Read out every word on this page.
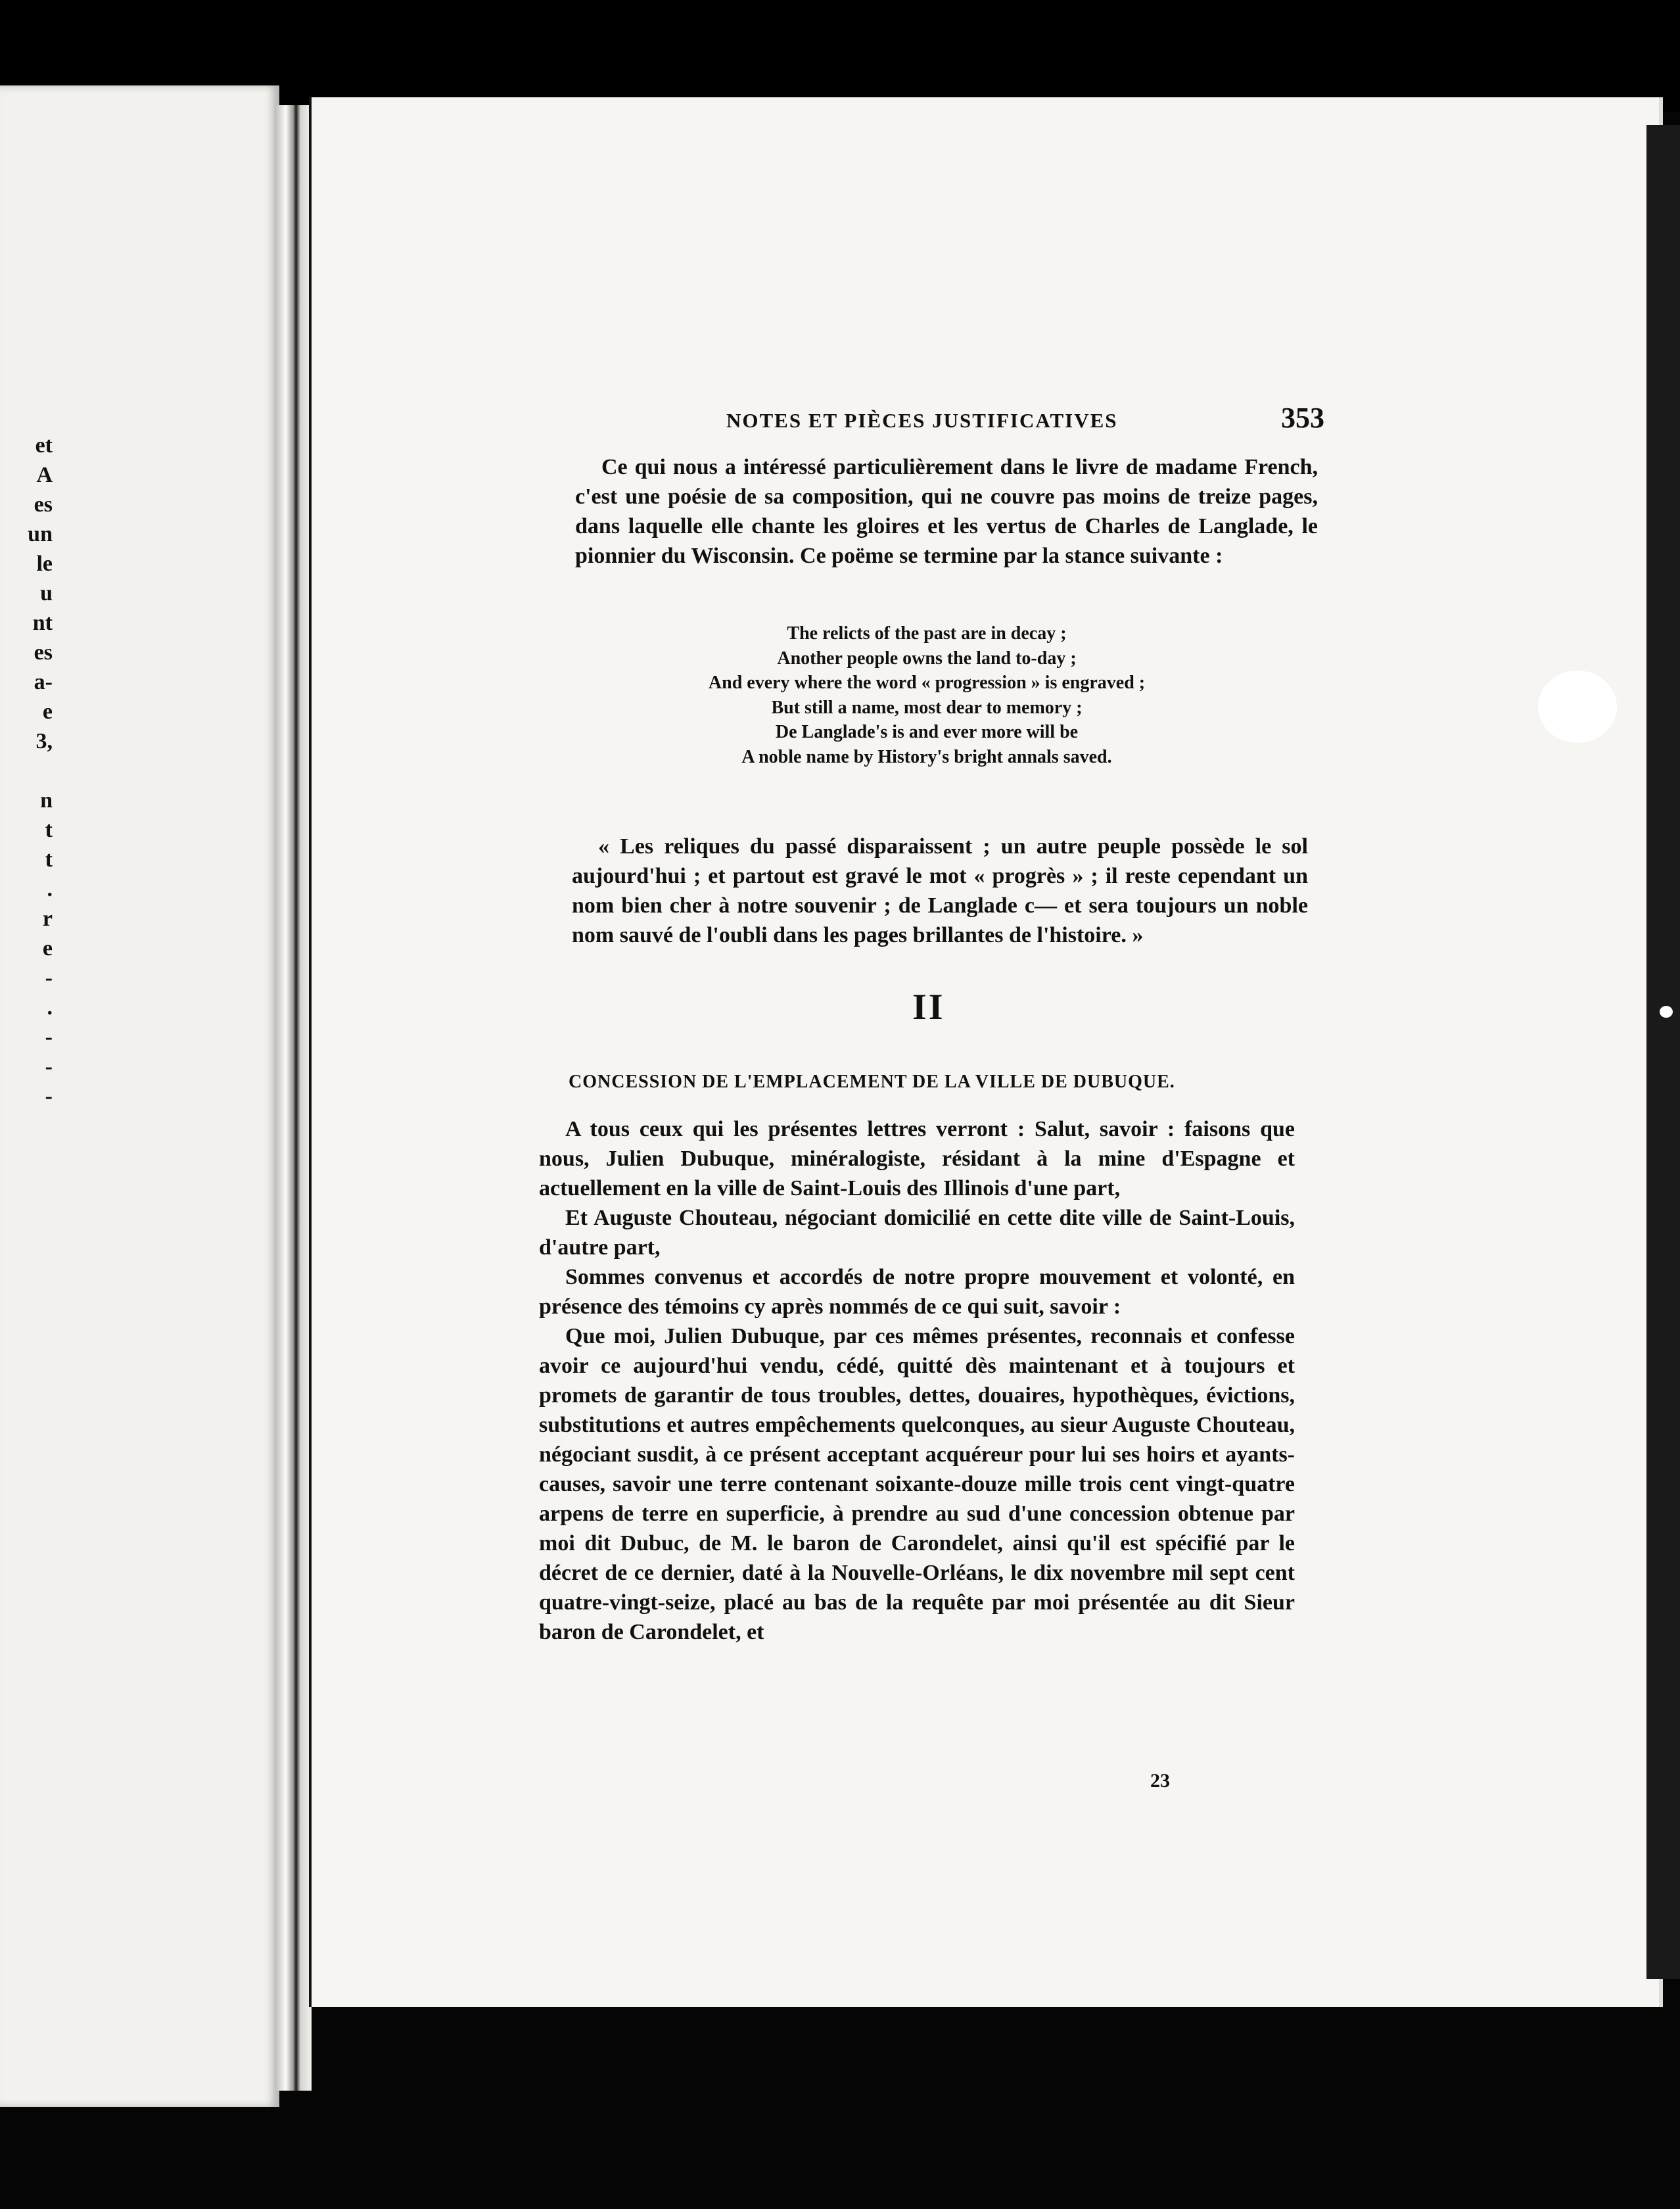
et
A
es
un
le
u
nt
es
a-
e
3,
n
t
t
.
r
e
-
.
-
-
-
NOTES ET PIÈCES JUSTIFICATIVES	353

Ce qui nous a intéressé particulièrement dans le livre de madame French, c'est une poésie de sa composition, qui ne couvre pas moins de treize pages, dans laquelle elle chante les gloires et les vertus de Charles de Langlade, le pionnier du Wisconsin. Ce poëme se termine par la stance suivante :

The relicts of the past are in decay ;
Another people owns the land to-day ;
And every where the word « progression » is engraved ;
But still a name, most dear to memory ;
De Langlade's is and ever more will be
A noble name by History's bright annals saved.

« Les reliques du passé disparaissent ; un autre peuple possède le sol aujourd'hui ; et partout est gravé le mot « progrès » ; il reste cependant un nom bien cher à notre souvenir ; de Langlade c— et sera toujours un noble nom sauvé de l'oubli dans les pages brillantes de l'histoire. »

II
CONCESSION DE L'EMPLACEMENT DE LA VILLE DE DUBUQUE.

A tous ceux qui les présentes lettres verront : Salut, savoir : faisons que nous, Julien Dubuque, minéralogiste, résidant à la mine d'Espagne et actuellement en la ville de Saint-Louis des Illinois d'une part,

Et Auguste Chouteau, négociant domicilié en cette dite ville de Saint-Louis, d'autre part,

Sommes convenus et accordés de notre propre mouvement et volonté, en présence des témoins cy après nommés de ce qui suit, savoir :

Que moi, Julien Dubuque, par ces mêmes présentes, reconnais et confesse avoir ce aujourd'hui vendu, cédé, quitté dès maintenant et à toujours et promets de garantir de tous troubles, dettes, douaires, hypothèques, évictions, substitutions et autres empêchements quelconques, au sieur Auguste Chouteau, négociant susdit, à ce présent acceptant acquéreur pour lui ses hoirs et ayants-causes, savoir une terre contenant soixante-douze mille trois cent vingt-quatre arpens de terre en superficie, à prendre au sud d'une concession obtenue par moi dit Dubuc, de M. le baron de Carondelet, ainsi qu'il est spécifié par le décret de ce dernier, daté à la Nouvelle-Orléans, le dix novembre mil sept cent quatre-vingt-seize, placé au bas de la requête par moi présentée au dit Sieur baron de Carondelet, et

23
